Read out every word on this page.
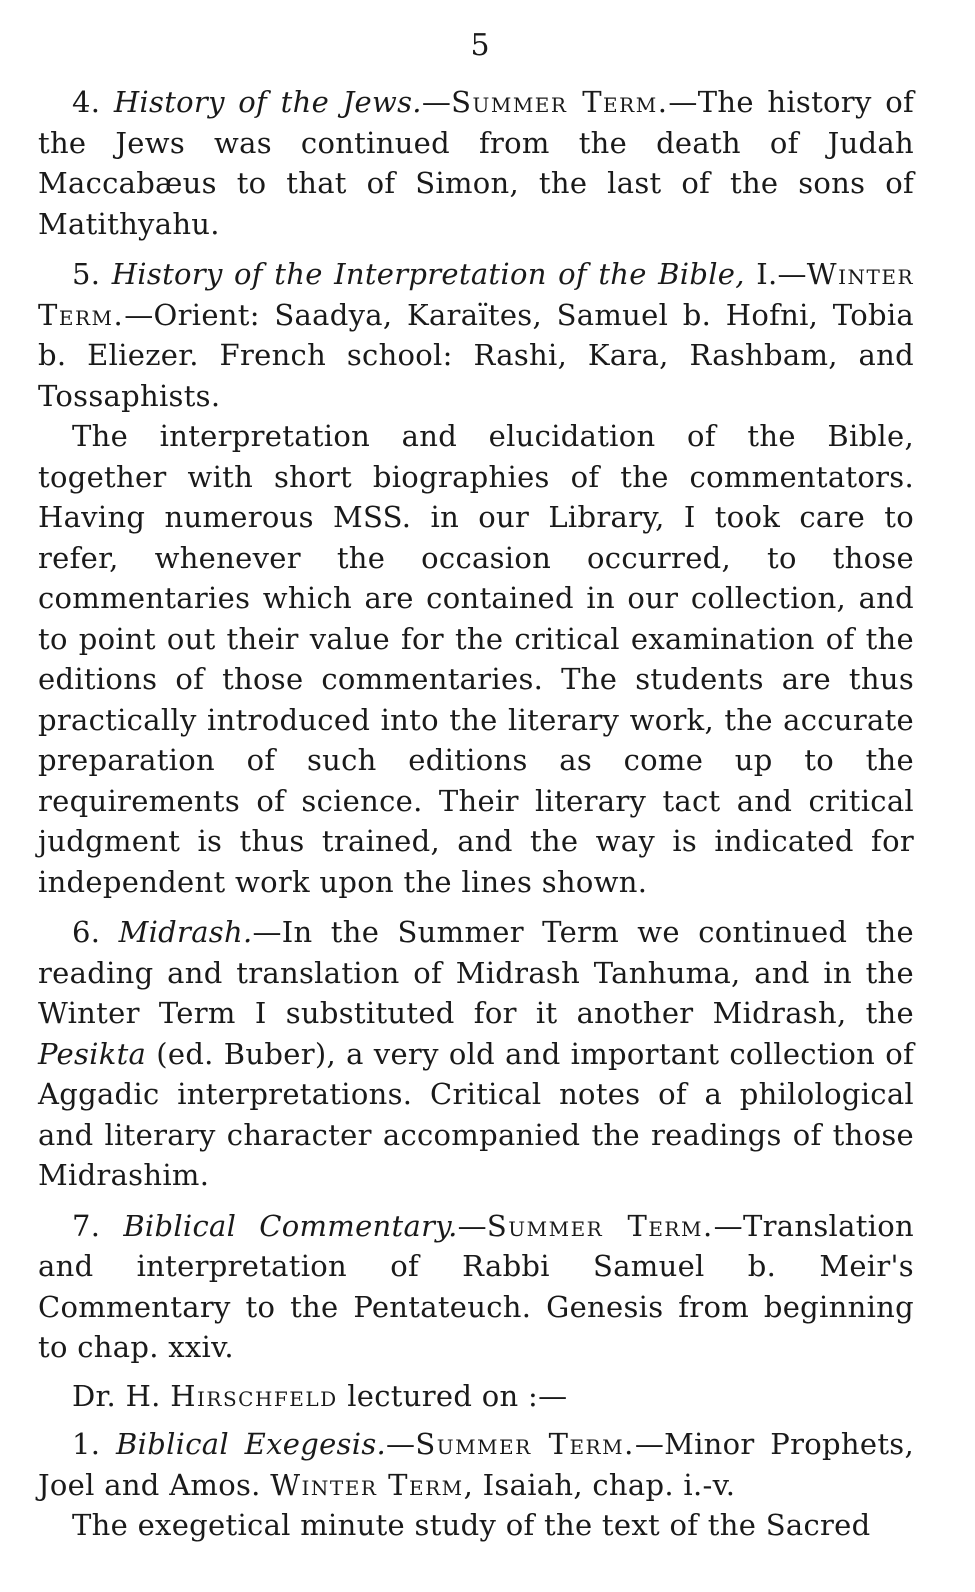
5

4. History of the Jews.—Summer Term.—The history of the Jews was continued from the death of Judah Maccabæus to that of Simon, the last of the sons of Matithyahu.

5. History of the Interpretation of the Bible, I.—Winter Term.—Orient: Saadya, Karaïtes, Samuel b. Hofni, Tobia b. Eliezer. French school: Rashi, Kara, Rashbam, and Tossaphists.

The interpretation and elucidation of the Bible, together with short biographies of the commentators. Having numerous MSS. in our Library, I took care to refer, whenever the occasion occurred, to those commentaries which are contained in our collection, and to point out their value for the critical examination of the editions of those commentaries. The students are thus practically introduced into the literary work, the accurate preparation of such editions as come up to the requirements of science. Their literary tact and critical judgment is thus trained, and the way is indicated for independent work upon the lines shown.

6. Midrash.—In the Summer Term we continued the reading and translation of Midrash Tanhuma, and in the Winter Term I substituted for it another Midrash, the Pesikta (ed. Buber), a very old and important collection of Aggadic interpretations. Critical notes of a philological and literary character accompanied the readings of those Midrashim.

7. Biblical Commentary.—Summer Term.—Translation and interpretation of Rabbi Samuel b. Meir's Commentary to the Pentateuch. Genesis from beginning to chap. xxiv.

Dr. H. Hirschfeld lectured on :—

1. Biblical Exegesis.—Summer Term.—Minor Prophets, Joel and Amos. Winter Term, Isaiah, chap. i.-v.

The exegetical minute study of the text of the Sacred
